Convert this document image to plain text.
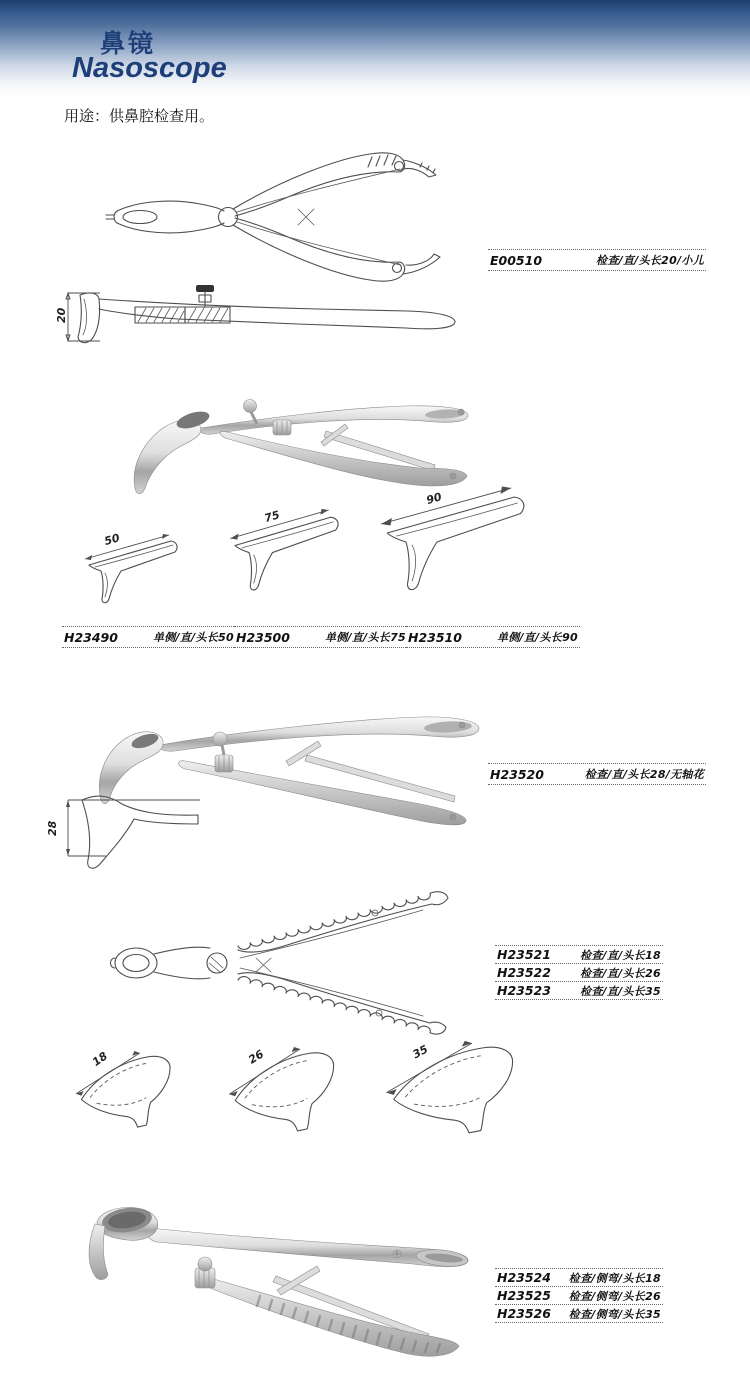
鼻镜
Nasoscope
用途：供鼻腔检查用。
E00510	检查/直/头长20/小儿
20
50
75
90
H23490	单侧/直/头长50 H23500	单侧/直/头长75 H23510	单侧/直/头长90
H23520	检查/直/头长28/无轴花
28
H23521	检查/直/头长18
H23522	检查/直/头长26
H23523	检查/直/头长35
18	26	35
H23524 检查/侧弯/头长18
H23525 检查/侧弯/头长26
H23526 检查/侧弯/头长35
